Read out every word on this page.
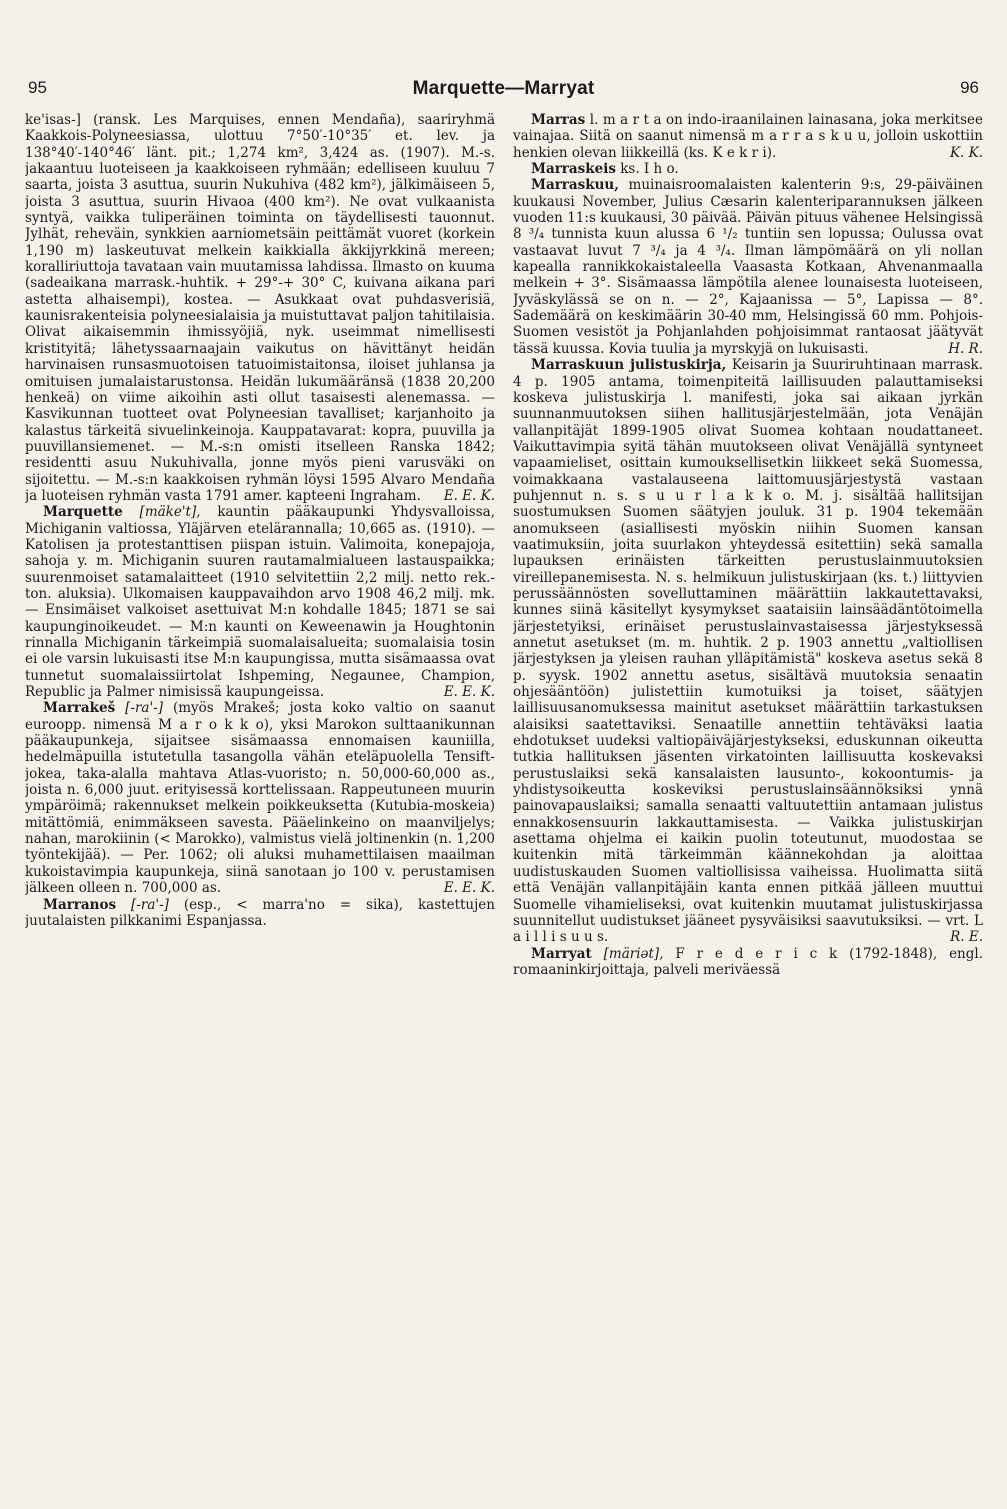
95	Marquette—Marryat	96

ke'isas-] (ransk. Les Marquises, ennen Mendaña), saariryhmä Kaakkois-Polyneesiassa, ulottuu 7°50′-10°35′ et. lev. ja 138°40′-140°46′ länt. pit.; 1,274 km², 3,424 as. (1907). M.-s. jakaantuu luoteiseen ja kaakkoiseen ryhmään; edelliseen kuuluu 7 saarta, joista 3 asuttua, suurin Nukuhiva (482 km²), jälkimäiseen 5, joista 3 asuttua, suurin Hivaoa (400 km²). Ne ovat vulkaanista syntyä, vaikka tuliperäinen toiminta on täydellisesti tauonnut. Jylhät, reheväin, synkkien aarniometsäin peittämät vuoret (korkein 1,190 m) laskeutuvat melkein kaikkialla äkkijyrkkinä mereen; koralliriuttoja tavataan vain muutamissa lahdissa. Ilmasto on kuuma (sadeaikana marrask.-huhtik. + 29°-+ 30° C, kuivana aikana pari astetta alhaisempi), kostea. — Asukkaat ovat puhdasverisiä, kaunisrakenteisia polyneesialaisia ja muistuttavat paljon tahitilaisia. Olivat aikaisemmin ihmissyöjiä, nyk. useimmat nimellisesti kristityitä; lähetyssaarnaajain vaikutus on hävittänyt heidän harvinaisen runsasmuotoisen tatuoimistaitonsa, iloiset juhlansa ja omituisen jumalaistarustonsa. Heidän lukumääränsä (1838 20,200 henkeä) on viime aikoihin asti ollut tasaisesti alenemassa. — Kasvikunnan tuotteet ovat Polyneesian tavalliset; karjanhoito ja kalastus tärkeitä sivuelinkeinoja. Kauppatavarat: kopra, puuvilla ja puuvillansiemenet. — M.-s:n omisti itselleen Ranska 1842; residentti asuu Nukuhivalla, jonne myös pieni varusväki on sijoitettu. — M.-s:n kaakkoisen ryhmän löysi 1595 Alvaro Mendaña ja luoteisen ryhmän vasta 1791 amer. kapteeni Ingraham.	E. E. K.

Marquette [mäke't], kauntin pääkaupunki Yhdysvalloissa, Michiganin valtiossa, Yläjärven etelärannalla; 10,665 as. (1910). — Katolisen ja protestanttisen piispan istuin. Valimoita, konepajoja, sahoja y. m. Michiganin suuren rautamalmialueen lastauspaikka; suurenmoiset satamalaitteet (1910 selvitettiin 2,2 milj. netto rek.-ton. aluksia). Ulkomaisen kauppavaihdon arvo 1908 46,2 milj. mk. — Ensimäiset valkoiset asettuivat M:n kohdalle 1845; 1871 se sai kaupunginoikeudet. — M:n kaunti on Keweenawin ja Houghtonin rinnalla Michiganin tärkeimpiä suomalaisalueita; suomalaisia tosin ei ole varsin lukuisasti itse M:n kaupungissa, mutta sisämaassa ovat tunnetut suomalaissiirtolat Ishpeming, Negaunee, Champion, Republic ja Palmer nimisissä kaupungeissa.	E. E. K.

Marrakeš [-ra'-] (myös Mrakeš; josta koko valtio on saanut euroopp. nimensä M a r o k k o), yksi Marokon sulttaanikunnan pääkaupunkeja, sijaitsee sisämaassa ennomaisen kauniilla, hedelmäpuilla istutetulla tasangolla vähän eteläpuolella Tensift-jokea, taka-alalla mahtava Atlas-vuoristo; n. 50,000-60,000 as., joista n. 6,000 juut. erityisessä korttelissaan. Rappeutuneen muurin ympäröimä; rakennukset melkein poikkeuksetta (Kutubia-moskeia) mitättömiä, enimmäkseen savesta. Pääelinkeino on maanviljelys; nahan, marokiinin (< Marokko), valmistus vielä joltinenkin (n. 1,200 työntekijää). — Per. 1062; oli aluksi muhamettilaisen maailman kukoistavimpia kaupunkeja, siinä sanotaan jo 100 v. perustamisen jälkeen olleen n. 700,000 as.	E. E. K.

Marranos [-ra'-] (esp., < marra'no = sika), kastettujen juutalaisten pilkkanimi Espanjassa.

Marras l. m a r t a on indo-iraanilainen lainasana, joka merkitsee vainajaa. Siitä on saanut nimensä m a r r a s k u u, jolloin uskottiin henkien olevan liikkeillä (ks. K e k r i).	K. K.

Marraskeis ks. I h o.

Marraskuu, muinaisroomalaisten kalenterin 9:s, 29-päiväinen kuukausi November, Julius Cæsarin kalenteriparannuksen jälkeen vuoden 11:s kuukausi, 30 päivää. Päivän pituus vähenee Helsingissä 8 ³/₄ tunnista kuun alussa 6 ¹/₂ tuntiin sen lopussa; Oulussa ovat vastaavat luvut 7 ³/₄ ja 4 ³/₄. Ilman lämpömäärä on yli nollan kapealla rannikkokaistaleella Vaasasta Kotkaan, Ahvenanmaalla melkein + 3°. Sisämaassa lämpötila alenee lounaisesta luoteiseen, Jyväskylässä se on n. — 2°, Kajaanissa — 5°, Lapissa — 8°. Sademäärä on keskimäärin 30-40 mm, Helsingissä 60 mm. Pohjois-Suomen vesistöt ja Pohjanlahden pohjoisimmat rantaosat jäätyvät tässä kuussa. Kovia tuulia ja myrskyjä on lukuisasti.	H. R.

Marraskuun julistuskirja, Keisarin ja Suuriruhtinaan marrask. 4 p. 1905 antama, toimenpiteitä laillisuuden palauttamiseksi koskeva julistuskirja l. manifesti, joka sai aikaan jyrkän suunnanmuutoksen siihen hallitusjärjestelmään, jota Venäjän vallanpitäjät 1899-1905 olivat Suomea kohtaan noudattaneet. Vaikuttavimpia syitä tähän muutokseen olivat Venäjällä syntyneet vapaamieliset, osittain kumouksellisetkin liikkeet sekä Suomessa, voimakkaana vastalauseena laittomuusjärjestystä vastaan puhjennut n. s. s u u r l a k k o. M. j. sisältää hallitsijan suostumuksen Suomen säätyjen jouluk. 31 p. 1904 tekemään anomukseen (asiallisesti myöskin niihin Suomen kansan vaatimuksiin, joita suurlakon yhteydessä esitettiin) sekä samalla lupauksen erinäisten tärkeitten perustuslainmuutoksien vireillepanemisesta. N. s. helmikuun julistuskirjaan (ks. t.) liittyvien perussäännösten sovelluttaminen määrättiin lakkautettavaksi, kunnes siinä käsitellyt kysymykset saataisiin lainsäädäntötoimella järjestetyiksi, erinäiset perustuslainvastaisessa järjestyksessä annetut asetukset (m. m. huhtik. 2 p. 1903 annettu „valtiollisen järjestyksen ja yleisen rauhan ylläpitämistä" koskeva asetus sekä 8 p. syysk. 1902 annettu asetus, sisältävä muutoksia senaatin ohjesääntöön) julistettiin kumotuiksi ja toiset, säätyjen laillisuusanomuksessa mainitut asetukset määrättiin tarkastuksen alaisiksi saatettaviksi. Senaatille annettiin tehtäväksi laatia ehdotukset uudeksi valtiopäiväjärjestykseksi, eduskunnan oikeutta tutkia hallituksen jäsenten virkatointen laillisuutta koskevaksi perustuslaiksi sekä kansalaisten lausunto-, kokoontumis- ja yhdistysoikeutta koskeviksi perustuslainsäännöksiksi ynnä painovapauslaiksi; samalla senaatti valtuutettiin antamaan julistus ennakkosensuurin lakkauttamisesta. — Vaikka julistuskirjan asettama ohjelma ei kaikin puolin toteutunut, muodostaa se kuitenkin mitä tärkeimmän käännekohdan ja aloittaa uudistuskauden Suomen valtiollisissa vaiheissa. Huolimatta siitä että Venäjän vallanpitäjäin kanta ennen pitkää jälleen muuttui Suomelle vihamieliseksi, ovat kuitenkin muutamat julistuskirjassa suunnitellut uudistukset jääneet pysyväisiksi saavutuksiksi. — vrt. L a i l l i s u u s.	R. E.

Marryat [märiət], F r e d e r i c k (1792-1848), engl. romaaninkirjoittaja, palveli meriväessä
